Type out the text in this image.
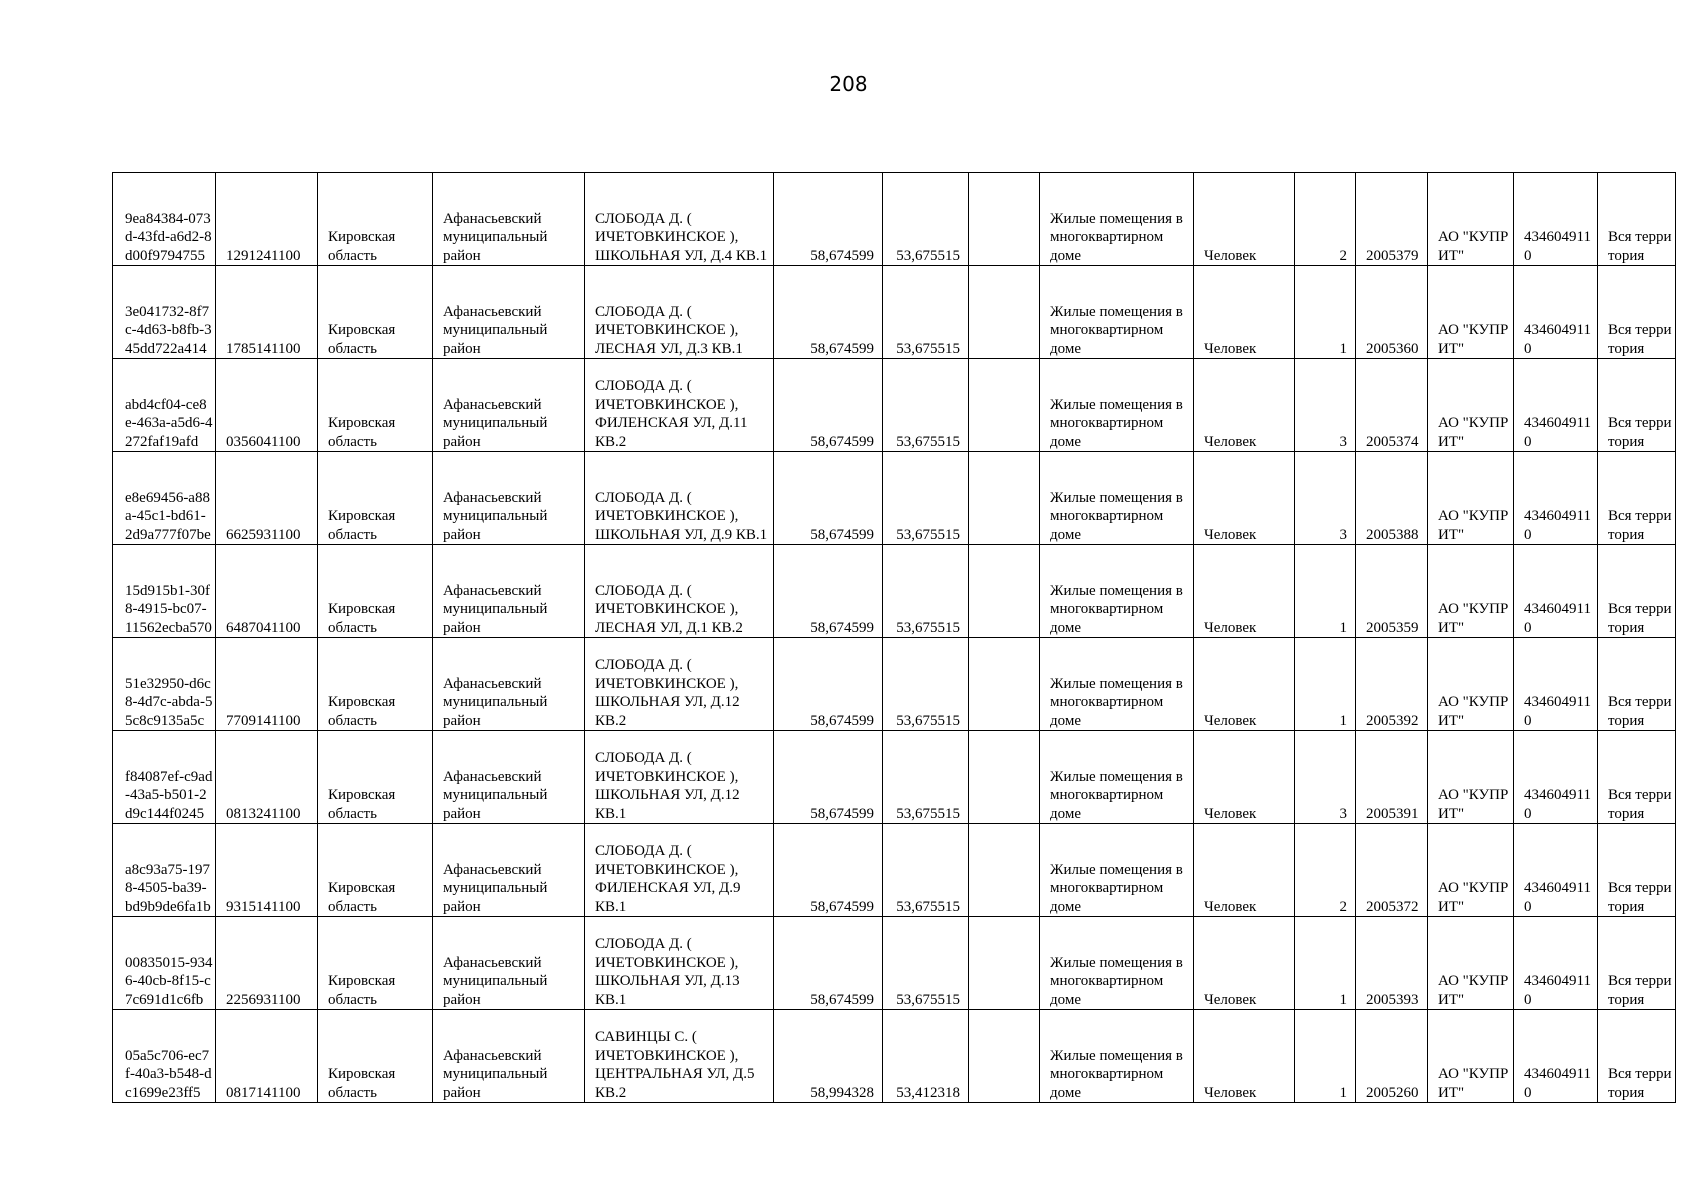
208
9ea84384-073d-43fd-a6d2-8d00f9794755	1291241100	Кировская область	Афанасьевский муниципальный район	СЛОБОДА Д. ( ИЧЕТОВКИНСКОЕ ), ШКОЛЬНАЯ УЛ, Д.4 КВ.1	58,674599	53,675515		Жилые помещения в многоквартирном доме	Человек	2	2005379	АО "КУПРИТ"	4346049110	Вся территория
3e041732-8f7c-4d63-b8fb-345dd722a414	1785141100	Кировская область	Афанасьевский муниципальный район	СЛОБОДА Д. ( ИЧЕТОВКИНСКОЕ ), ЛЕСНАЯ УЛ, Д.3 КВ.1	58,674599	53,675515		Жилые помещения в многоквартирном доме	Человек	1	2005360	АО "КУПРИТ"	4346049110	Вся территория
abd4cf04-ce8e-463a-a5d6-4272faf19afd	0356041100	Кировская область	Афанасьевский муниципальный район	СЛОБОДА Д. ( ИЧЕТОВКИНСКОЕ ), ФИЛЕНСКАЯ УЛ, Д.11 КВ.2	58,674599	53,675515		Жилые помещения в многоквартирном доме	Человек	3	2005374	АО "КУПРИТ"	4346049110	Вся территория
e8e69456-a88a-45c1-bd61-2d9a777f07be	6625931100	Кировская область	Афанасьевский муниципальный район	СЛОБОДА Д. ( ИЧЕТОВКИНСКОЕ ), ШКОЛЬНАЯ УЛ, Д.9 КВ.1	58,674599	53,675515		Жилые помещения в многоквартирном доме	Человек	3	2005388	АО "КУПРИТ"	4346049110	Вся территория
15d915b1-30f8-4915-bc07-11562ecba570	6487041100	Кировская область	Афанасьевский муниципальный район	СЛОБОДА Д. ( ИЧЕТОВКИНСКОЕ ), ЛЕСНАЯ УЛ, Д.1 КВ.2	58,674599	53,675515		Жилые помещения в многоквартирном доме	Человек	1	2005359	АО "КУПРИТ"	4346049110	Вся территория
51e32950-d6c8-4d7c-abda-55c8c9135a5c	7709141100	Кировская область	Афанасьевский муниципальный район	СЛОБОДА Д. ( ИЧЕТОВКИНСКОЕ ), ШКОЛЬНАЯ УЛ, Д.12 КВ.2	58,674599	53,675515		Жилые помещения в многоквартирном доме	Человек	1	2005392	АО "КУПРИТ"	4346049110	Вся территория
f84087ef-c9ad-43a5-b501-2d9c144f0245	0813241100	Кировская область	Афанасьевский муниципальный район	СЛОБОДА Д. ( ИЧЕТОВКИНСКОЕ ), ШКОЛЬНАЯ УЛ, Д.12 КВ.1	58,674599	53,675515		Жилые помещения в многоквартирном доме	Человек	3	2005391	АО "КУПРИТ"	4346049110	Вся территория
a8c93a75-1978-4505-ba39-bd9b9de6fa1b	9315141100	Кировская область	Афанасьевский муниципальный район	СЛОБОДА Д. ( ИЧЕТОВКИНСКОЕ ), ФИЛЕНСКАЯ УЛ, Д.9 КВ.1	58,674599	53,675515		Жилые помещения в многоквартирном доме	Человек	2	2005372	АО "КУПРИТ"	4346049110	Вся территория
00835015-9346-40cb-8f15-c7c691d1c6fb	2256931100	Кировская область	Афанасьевский муниципальный район	СЛОБОДА Д. ( ИЧЕТОВКИНСКОЕ ), ШКОЛЬНАЯ УЛ, Д.13 КВ.1	58,674599	53,675515		Жилые помещения в многоквартирном доме	Человек	1	2005393	АО "КУПРИТ"	4346049110	Вся территория
05a5c706-ec7f-40a3-b548-dc1699e23ff5	0817141100	Кировская область	Афанасьевский муниципальный район	САВИНЦЫ С. ( ИЧЕТОВКИНСКОЕ ), ЦЕНТРАЛЬНАЯ УЛ, Д.5 КВ.2	58,994328	53,412318		Жилые помещения в многоквартирном доме	Человек	1	2005260	АО "КУПРИТ"	4346049110	Вся территория
